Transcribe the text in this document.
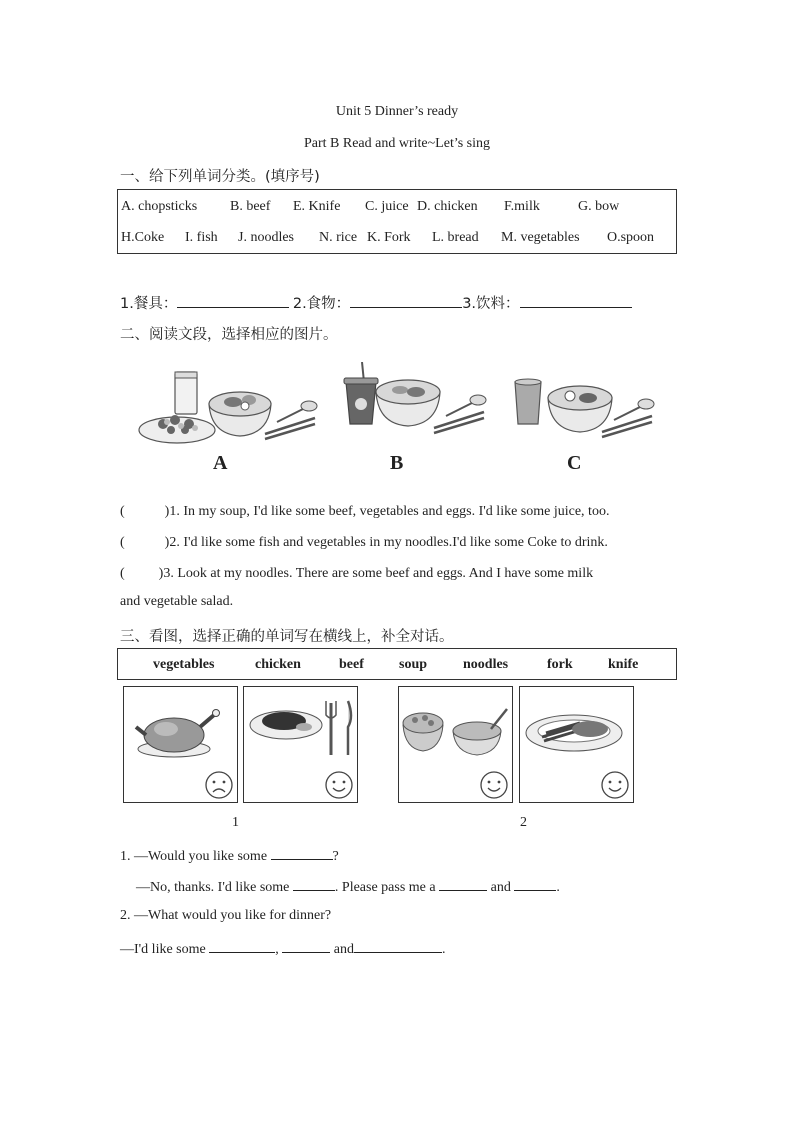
Unit 5 Dinner’s ready
Part B Read and write~Let’s sing
一、给下列单词分类。(填序号)
A. chopsticks B. beef E. Knife C. juice D. chicken F.milk	G. bow
H.Coke I. fish J. noodles N. rice K. Fork L. bread M. vegetables O.spoon
1.餐具：	2.食物：	3.饮料：
二、阅读文段，选择相应的图片。
A	B	C
(	)1. In my soup, I'd like some beef, vegetables and eggs. I'd like some juice, too.
(	)2. I'd like some fish and vegetables in my noodles.I'd like some Coke to drink.
( )3. Look at my noodles. There are some beef and eggs. And I have some milk
and vegetable salad.
三、看图，选择正确的单词写在横线上，补全对话。
vegetables	chicken	beef	soup	noodles	fork	knife
1	2
1. —Would you like some	?
—No, thanks. I'd like some	. Please pass me a	and	.
2. —What would you like for dinner?
—I'd like some	,	and	.
